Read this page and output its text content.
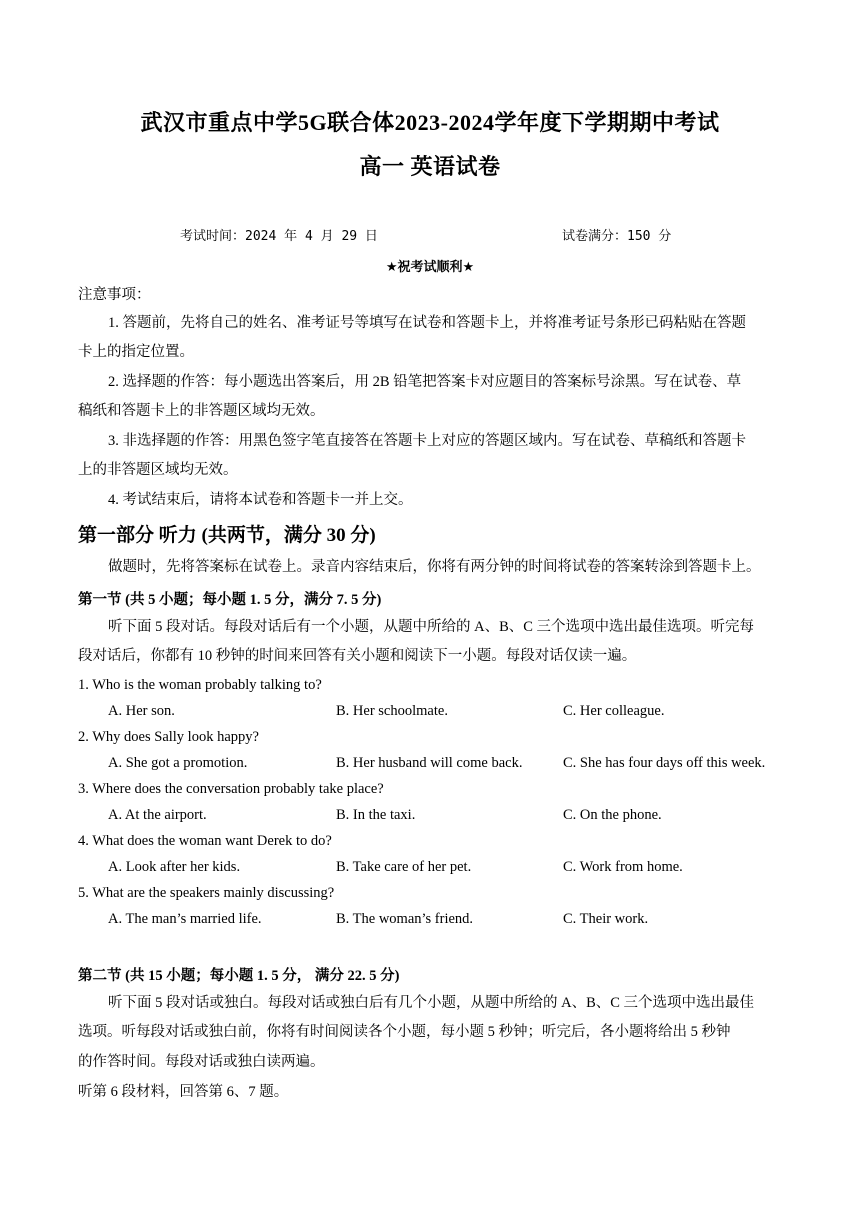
武汉市重点中学5G联合体2023-2024学年度下学期期中考试
高一 英语试卷
考试时间：2024 年 4 月 29 日	试卷满分：150 分
★祝考试顺利★
注意事项：
1. 答题前，先将自己的姓名、准考证号等填写在试卷和答题卡上，并将准考证号条形已码粘贴在答题
卡上的指定位置。
2. 选择题的作答：每小题选出答案后，用 2B 铅笔把答案卡对应题目的答案标号涂黑。写在试卷、草
稿纸和答题卡上的非答题区域均无效。
3. 非选择题的作答：用黑色签字笔直接答在答题卡上对应的答题区域内。写在试卷、草稿纸和答题卡
上的非答题区域均无效。
4. 考试结束后，请将本试卷和答题卡一并上交。
第一部分 听力 (共两节，满分 30 分)
做题时，先将答案标在试卷上。录音内容结束后，你将有两分钟的时间将试卷的答案转涂到答题卡上。
第一节 (共 5 小题；每小题 1. 5 分，满分 7. 5 分)
听下面 5 段对话。每段对话后有一个小题，从题中所给的 A、B、C 三个选项中选出最佳选项。听完每
段对话后，你都有 10 秒钟的时间来回答有关小题和阅读下一小题。每段对话仅读一遍。
1. Who is the woman probably talking to?
A. Her son.	B. Her schoolmate.	C. Her colleague.
2. Why does Sally look happy?
A. She got a promotion.	B. Her husband will come back.	C. She has four days off this week.
3. Where does the conversation probably take place?
A. At the airport.	B. In the taxi.	C. On the phone.
4. What does the woman want Derek to do?
A. Look after her kids.	B. Take care of her pet.	C. Work from home.
5. What are the speakers mainly discussing?
A. The man’s married life.	B. The woman’s friend.	C. Their work.
第二节 (共 15 小题；每小题 1. 5 分， 满分 22. 5 分)
听下面 5 段对话或独白。每段对话或独白后有几个小题，从题中所给的 A、B、C 三个选项中选出最佳
选项。听每段对话或独白前，你将有时间阅读各个小题，每小题 5 秒钟；听完后，各小题将给出 5 秒钟
的作答时间。每段对话或独白读两遍。
听第 6 段材料，回答第 6、7 题。
